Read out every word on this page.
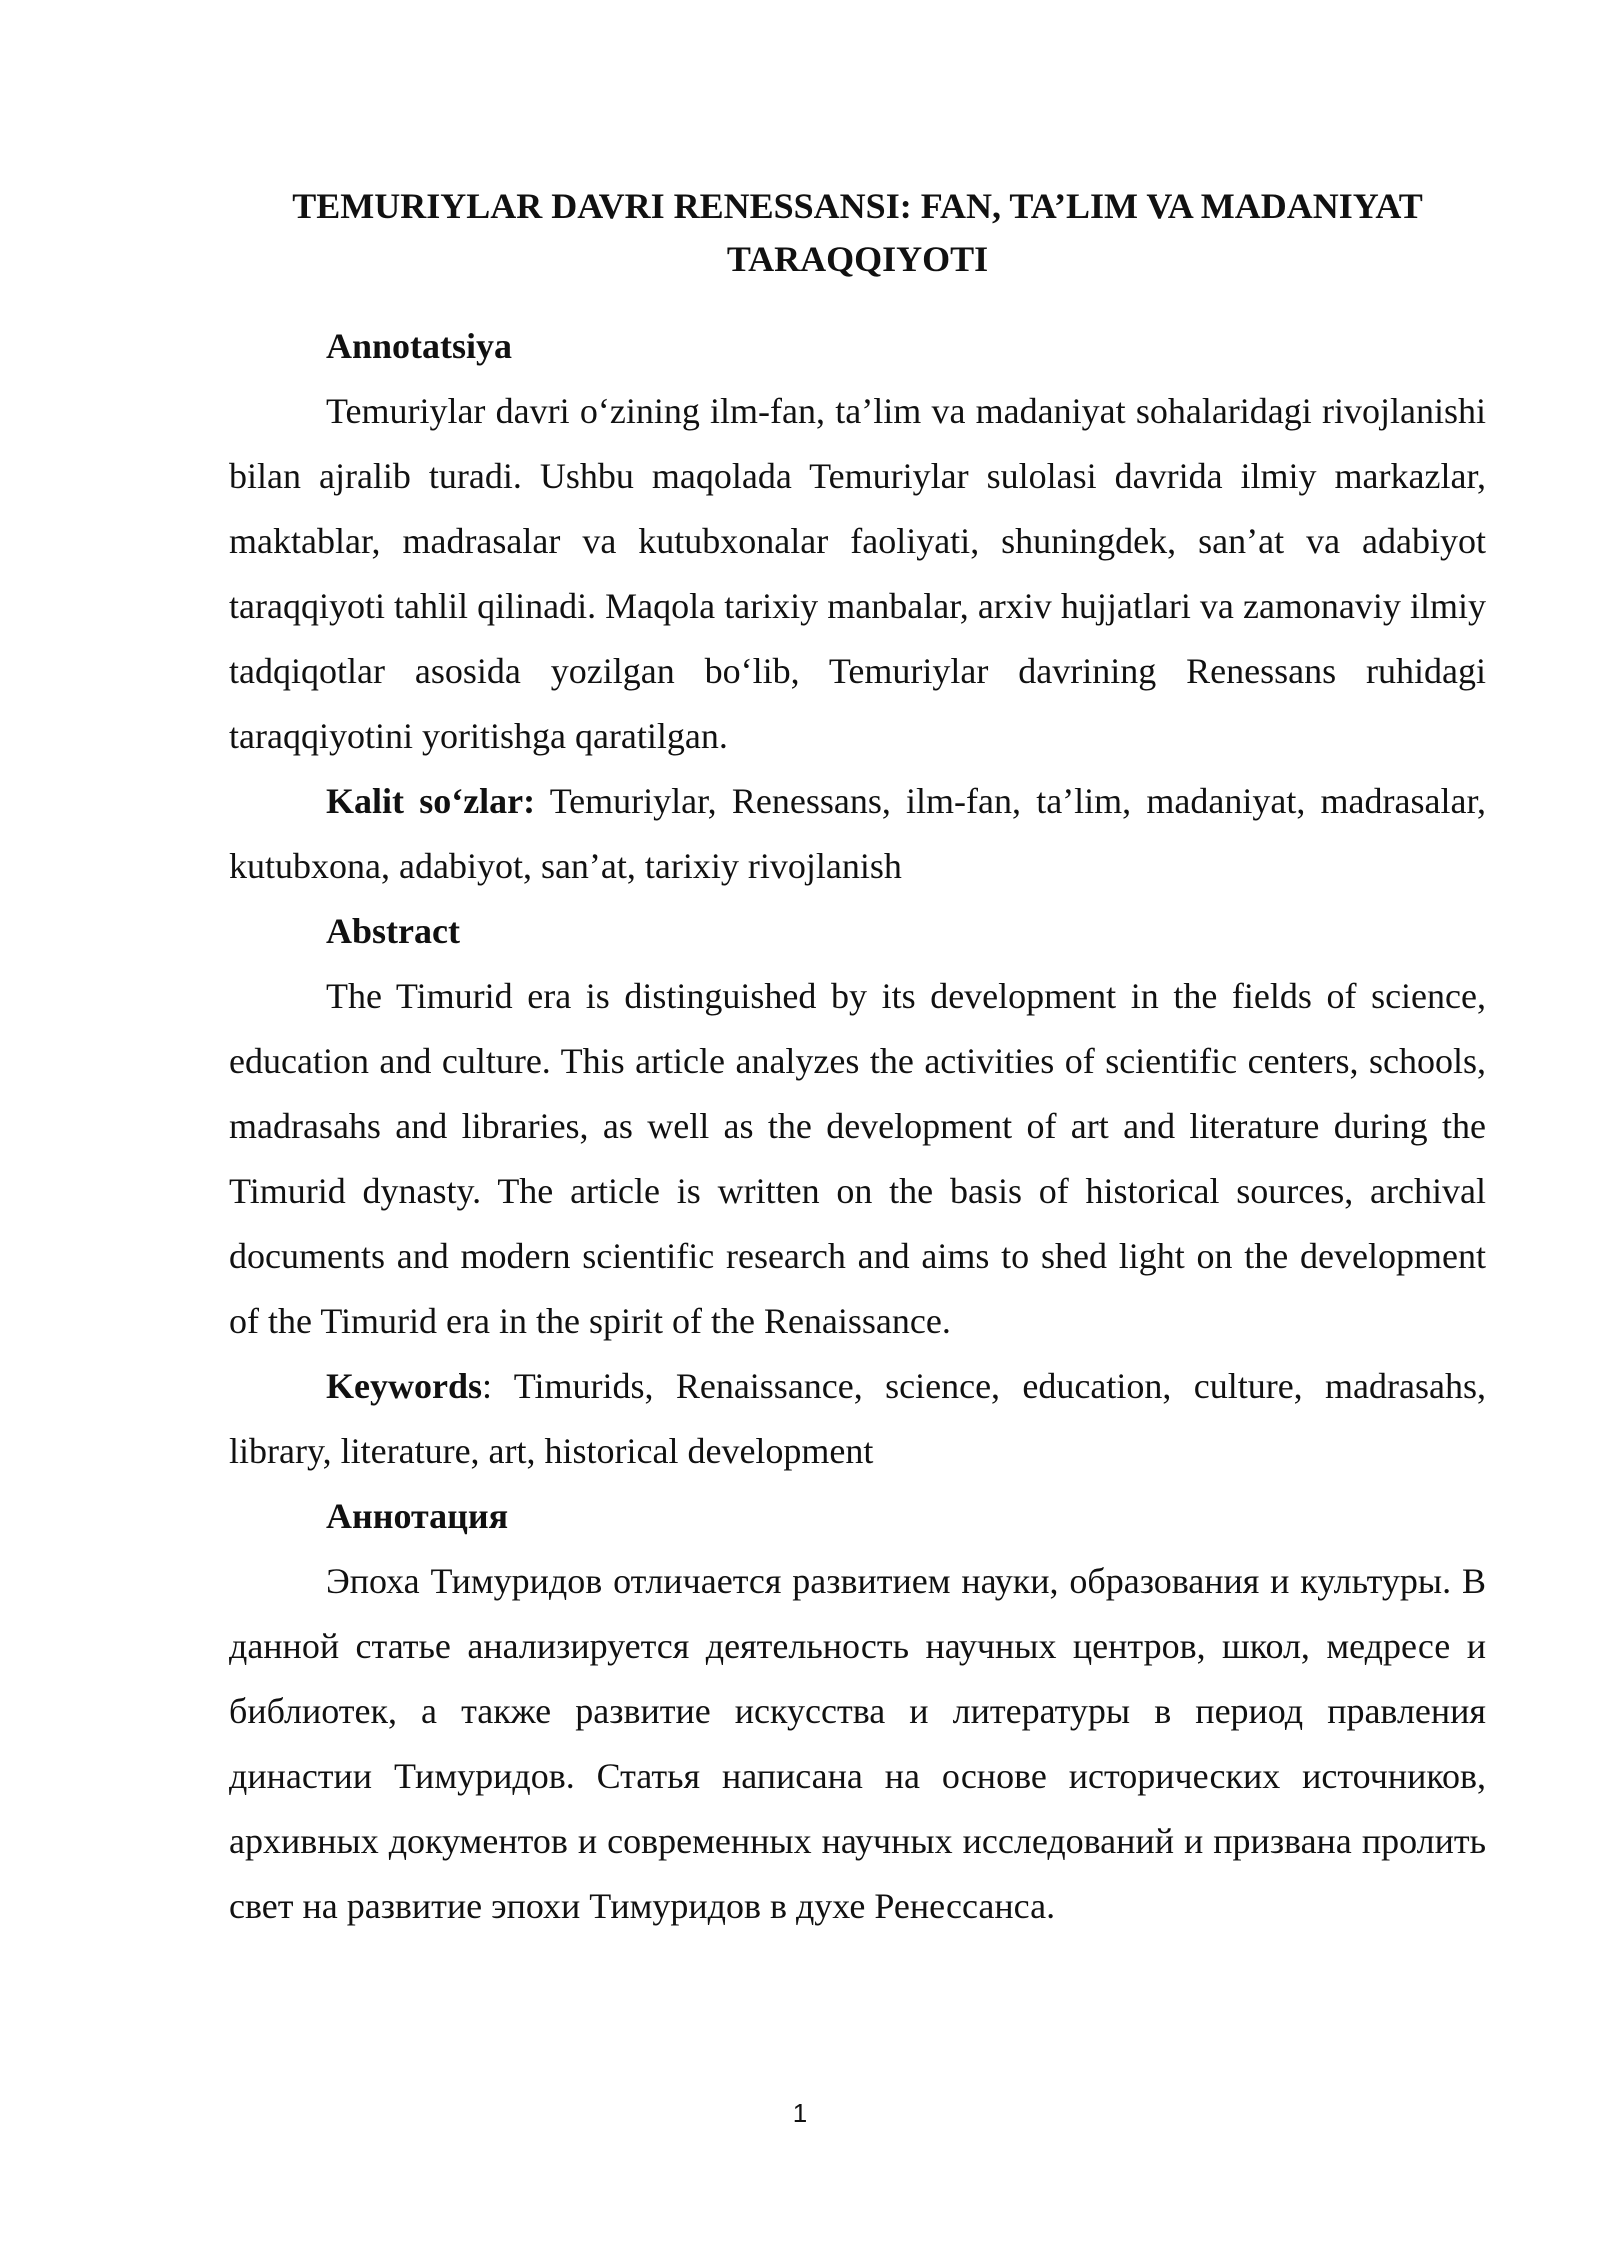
TEMURIYLAR DAVRI RENESSANSI: FAN, TA’LIM VA MADANIYAT TARAQQIYOTI

Annotatsiya

Temuriylar davri o‘zining ilm-fan, ta’lim va madaniyat sohalaridagi rivojlanishi bilan ajralib turadi. Ushbu maqolada Temuriylar sulolasi davrida ilmiy markazlar, maktablar, madrasalar va kutubxonalar faoliyati, shuningdek, san’at va adabiyot taraqqiyoti tahlil qilinadi. Maqola tarixiy manbalar, arxiv hujjatlari va zamonaviy ilmiy tadqiqotlar asosida yozilgan bo‘lib, Temuriylar davrining Renessans ruhidagi taraqqiyotini yoritishga qaratilgan.

Kalit so‘zlar: Temuriylar, Renessans, ilm-fan, ta’lim, madaniyat, madrasalar, kutubxona, adabiyot, san’at, tarixiy rivojlanish

Abstract

The Timurid era is distinguished by its development in the fields of science, education and culture. This article analyzes the activities of scientific centers, schools, madrasahs and libraries, as well as the development of art and literature during the Timurid dynasty. The article is written on the basis of historical sources, archival documents and modern scientific research and aims to shed light on the development of the Timurid era in the spirit of the Renaissance.

Keywords: Timurids, Renaissance, science, education, culture, madrasahs, library, literature, art, historical development

Аннотация

Эпоха Тимуридов отличается развитием науки, образования и культуры. В данной статье анализируется деятельность научных центров, школ, медресе и библиотек, а также развитие искусства и литературы в период правления династии Тимуридов. Статья написана на основе исторических источников, архивных документов и современных научных исследований и призвана пролить свет на развитие эпохи Тимуридов в духе Ренессанса.

1
